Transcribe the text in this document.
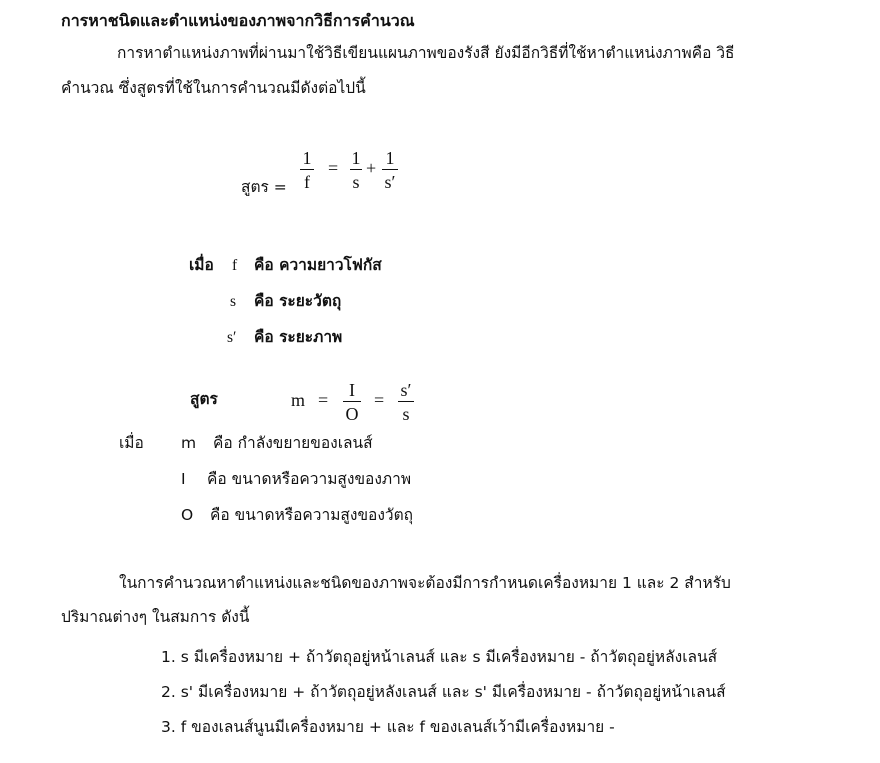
การหาชนิดและตำแหน่งของภาพจากวิธีการคำนวณ
การหาตำแหน่งภาพที่ผ่านมาใช้วิธีเขียนแผนภาพของรังสี ยังมีอีกวิธีที่ใช้หาตำแหน่งภาพคือ วิธี
คำนวณ ซึ่งสูตรที่ใช้ในการคำนวณมีดังต่อไปนี้
สูตร =
1
f
= 1
s
+ 1
s′
เมื่อ f คือ ความยาวโฟกัส
s คือ ระยะวัตถุ
s′ คือ ระยะภาพ
สูตร	m = I
O
= s′
s
เมื่อ m คือ กำลังขยายของเลนส์
I คือ ขนาดหรือความสูงของภาพ
O คือ ขนาดหรือความสูงของวัตถุ
ในการคำนวณหาตำแหน่งและชนิดของภาพจะต้องมีการกำหนดเครื่องหมาย 1 และ 2 สำหรับ
ปริมาณต่างๆ ในสมการ ดังนี้
1. s มีเครื่องหมาย + ถ้าวัตถุอยู่หน้าเลนส์ และ s มีเครื่องหมาย - ถ้าวัตถุอยู่หลังเลนส์
2. s' มีเครื่องหมาย + ถ้าวัตถุอยู่หลังเลนส์ และ s' มีเครื่องหมาย - ถ้าวัตถุอยู่หน้าเลนส์
3. f ของเลนส์นูนมีเครื่องหมาย + และ f ของเลนส์เว้ามีเครื่องหมาย -
